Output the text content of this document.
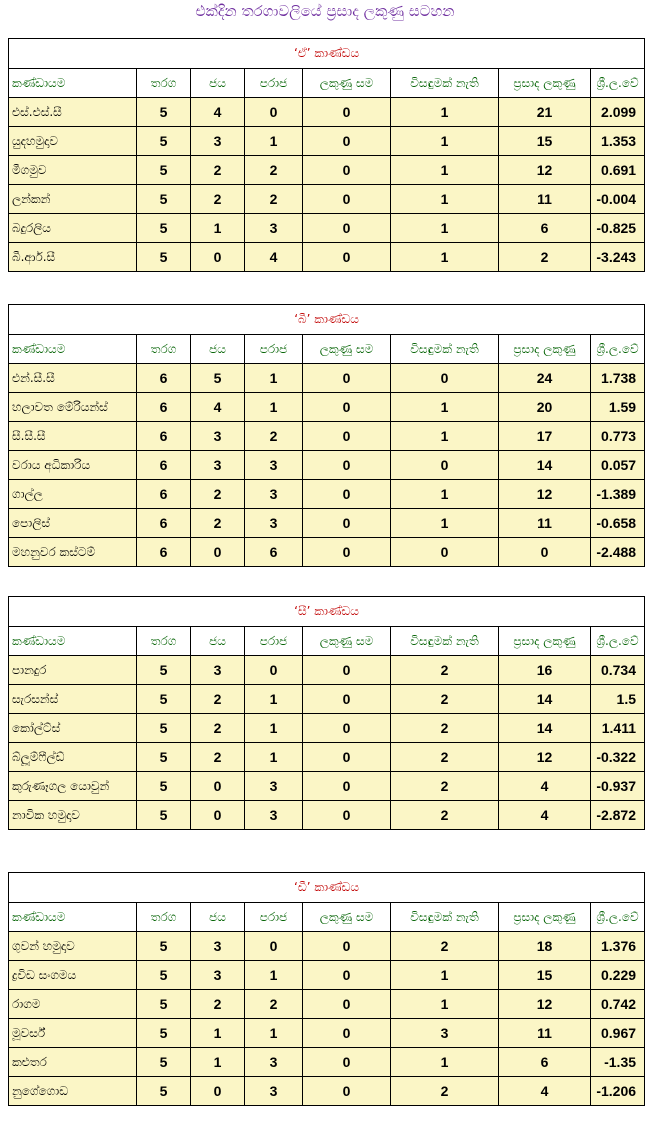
එක්දින තරගාවලියේ ප්‍රසාද ලකුණු සටහන
‘ඒ’ කාණ්ඩය							
කණ්ඩායම	තරග	ජය	පරාජ	ලකුණු සම	විසඳුමක් නැති	ප්‍රසාද ලකුණු	ශ්‍රී.ල.වේ
එස්.එස්.සී	5	4	0	0	1	21	2.099
යුදහමුදාව	5	3	1	0	1	15	1.353
මීගමුව	5	2	2	0	1	12	0.691
ලන්කන්	5	2	2	0	1	11	-0.004
බදුරලිය	5	1	3	0	1	6	-0.825
බී.ආර්.සී	5	0	4	0	1	2	-3.243
‘බී’ කාණ්ඩය							
කණ්ඩායම	තරග	ජය	පරාජ	ලකුණු සම	විසඳුමක් නැති	ප්‍රසාද ලකුණු	ශ්‍රී.ල.වේ
එන්.සී.සී	6	5	1	0	0	24	1.738
හලාවත මේරියන්ස්	6	4	1	0	1	20	1.59
සී.සී.සී	6	3	2	0	1	17	0.773
වරාය අධිකාරිය	6	3	3	0	0	14	0.057
ගාල්ල	6	2	3	0	1	12	-1.389
පොලිස්	6	2	3	0	1	11	-0.658
මහනුවර කස්ටම්	6	0	6	0	0	0	-2.488
‘සී’ කාණ්ඩය							
කණ්ඩායම	තරග	ජය	පරාජ	ලකුණු සම	විසඳුමක් නැති	ප්‍රසාද ලකුණු	ශ්‍රී.ල.වේ
පානදුර	5	3	0	0	2	16	0.734
සැරසන්ස්	5	2	1	0	2	14	1.5
කෝල්ට්ස්	5	2	1	0	2	14	1.411
බ්ලූම්ෆීල්ඩ්	5	2	1	0	2	12	-0.322
කුරුණෑගල යොවුන්	5	0	3	0	2	4	-0.937
නාවික හමුදාව	5	0	3	0	2	4	-2.872
‘ඩී’ කාණ්ඩය							
කණ්ඩායම	තරග	ජය	පරාජ	ලකුණු සම	විසඳුමක් නැති	ප්‍රසාද ලකුණු	ශ්‍රී.ල.වේ
ගුවන් හමුදාව	5	3	0	0	2	18	1.376
ද්‍රවිඩ සංගමය	5	3	1	0	1	15	0.229
රාගම	5	2	2	0	1	12	0.742
මූවර්ස්	5	1	1	0	3	11	0.967
කළුතර	5	1	3	0	1	6	-1.35
නුගේගොඩ	5	0	3	0	2	4	-1.206
